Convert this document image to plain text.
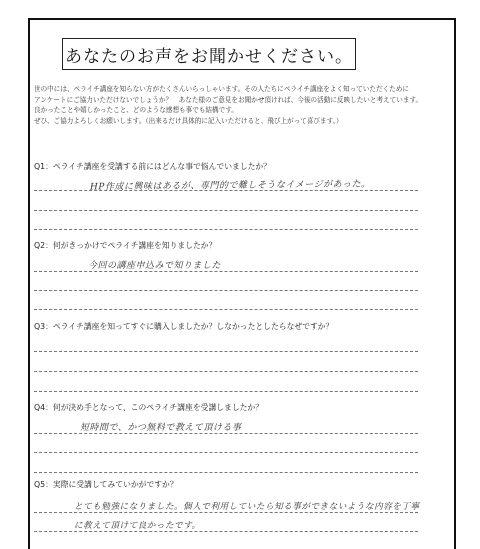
あなたのお声をお聞かせください。
世の中には、ペライチ講座を知らない方がたくさんいらっしゃいます。その人たちにペライチ講座をよく知っていただくために
アンケートにご協力いただけないでしょうか？　あなた様のご意見をお聞かせ頂ければ、今後の活動に反映したいと考えています。
良かったことや嬉しかったこと、どのような感想も事でも結構です。
ぜひ、ご協力よろしくお願いします。（出来るだけ具体的に記入いただけると、飛び上がって喜びます。）
Q1：ペライチ講座を受講する前にはどんな事で悩んでいましたか？
HP作成に興味はあるが、専門的で難しそうなイメージがあった。
Q2：何がきっかけでペライチ講座を知りましたか？
今回の講座申込みで知りました
Q3：ペライチ講座を知ってすぐに購入しましたか？しなかったとしたらなぜですか？
Q4：何が決め手となって、このペライチ講座を受講しましたか？
短時間で、かつ無料で教えて頂ける事
Q5：実際に受講してみていかがですか？
とても勉強になりました。個人で利用していたら知る事ができないような内容を丁寧に教えて頂けて良かったです。
